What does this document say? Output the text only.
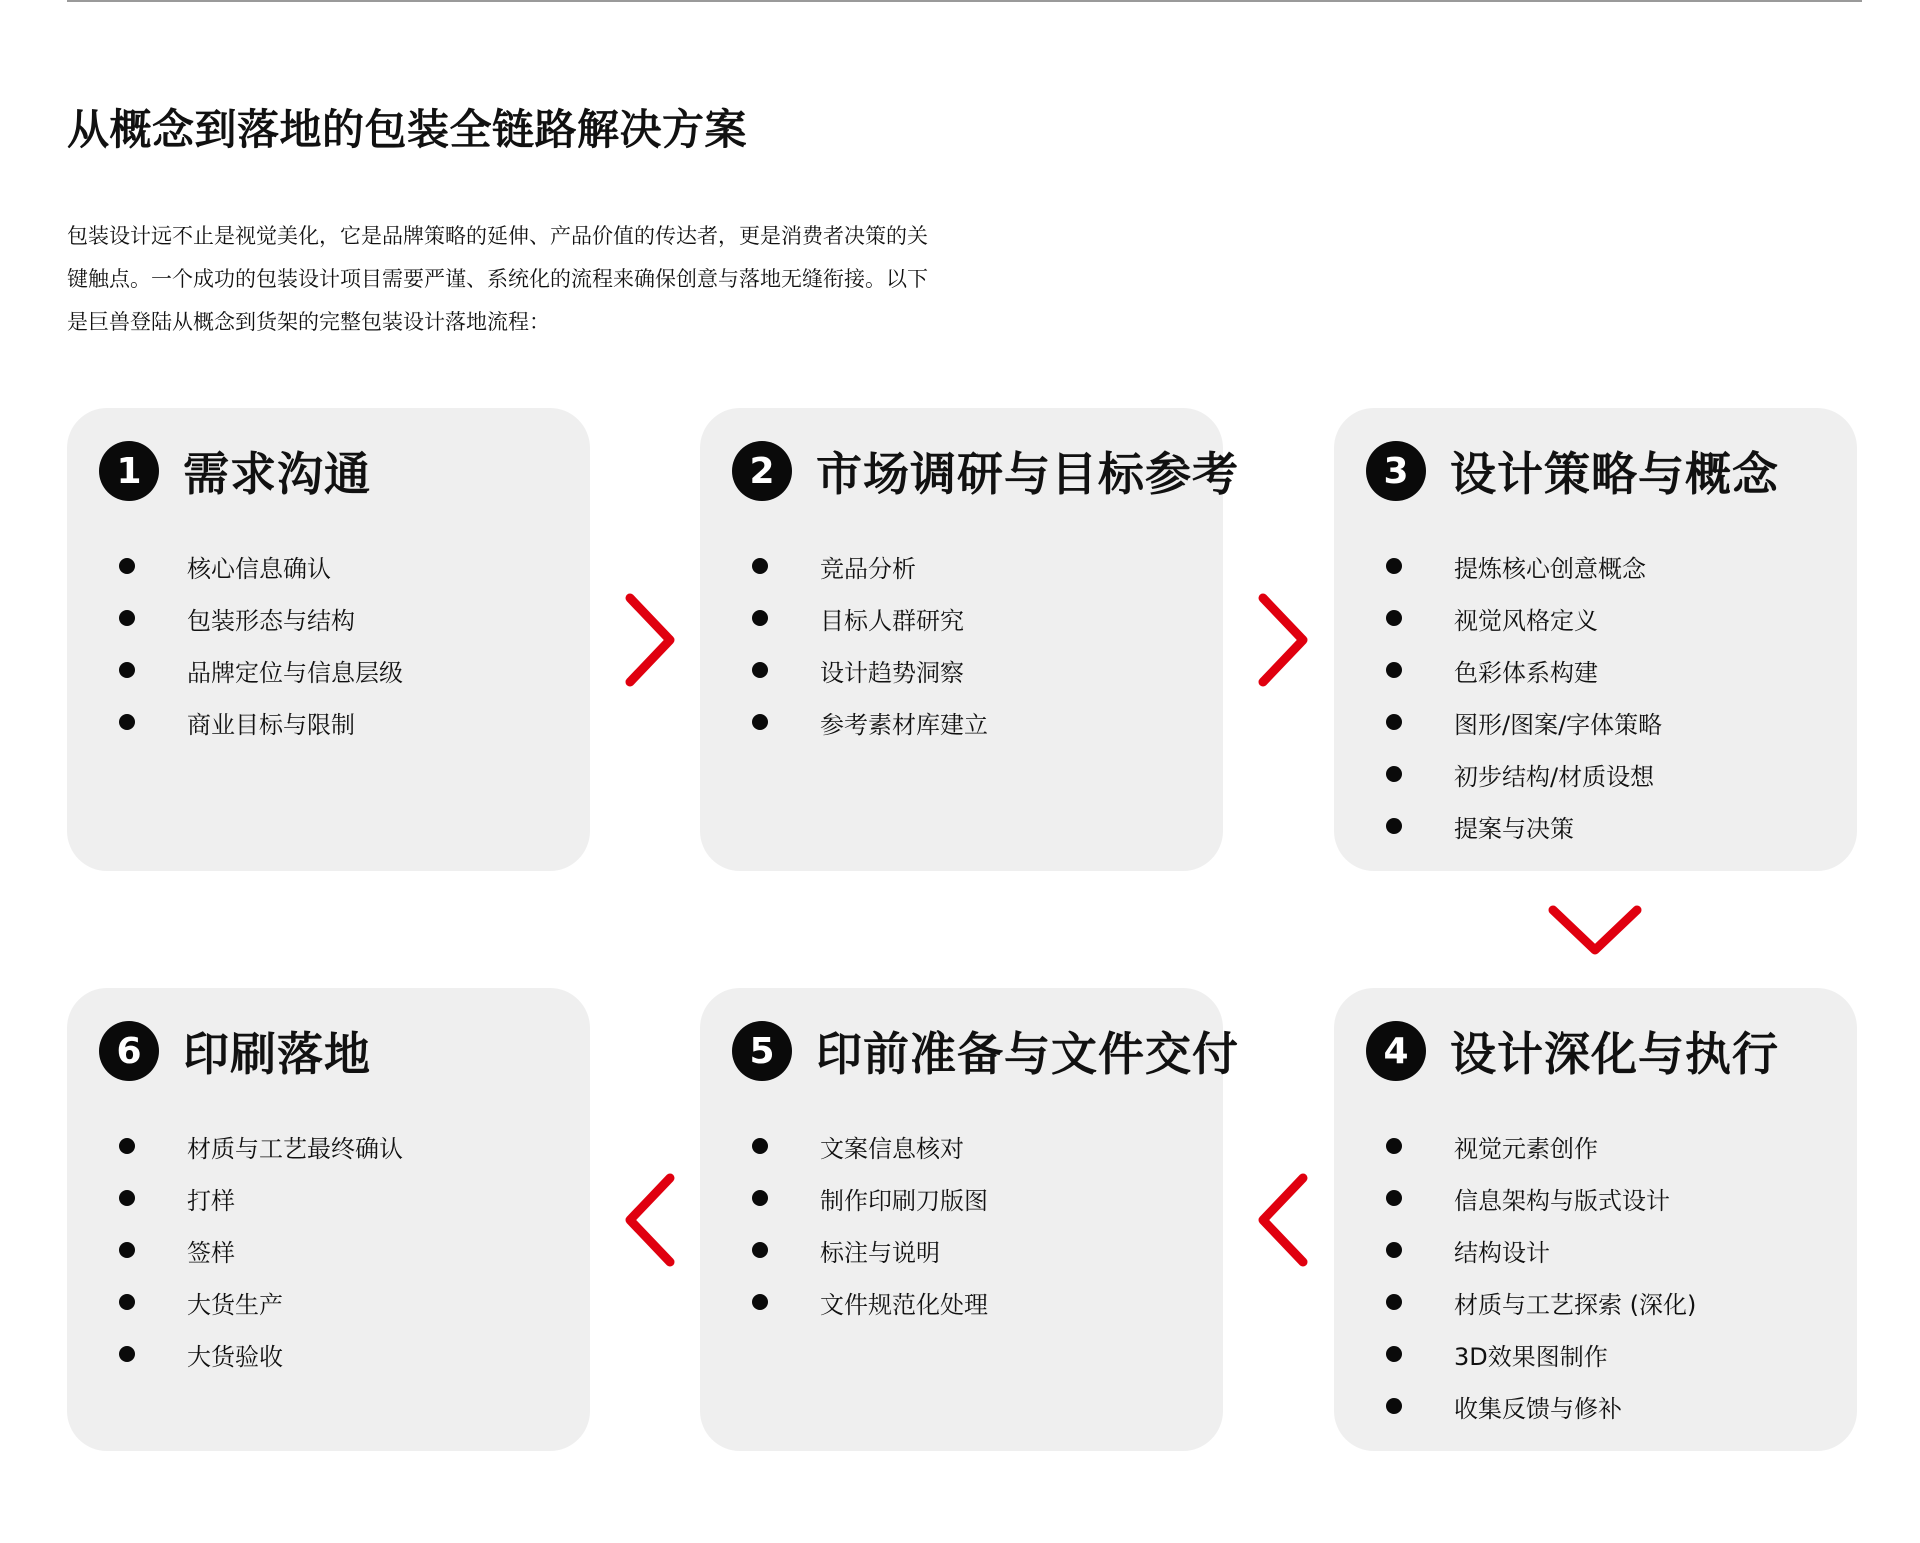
从概念到落地的包装全链路解决方案

包装设计远不止是视觉美化，它是品牌策略的延伸、产品价值的传达者，更是消费者决策的关

键触点。一个成功的包装设计项目需要严谨、系统化的流程来确保创意与落地无缝衔接。以下

是巨兽登陆从概念到货架的完整包装设计落地流程：

1 需求沟通
核心信息确认
包装形态与结构
品牌定位与信息层级
商业目标与限制
2 市场调研与目标参考
竞品分析
目标人群研究
设计趋势洞察
参考素材库建立
3 设计策略与概念
提炼核心创意概念
视觉风格定义
色彩体系构建
图形/图案/字体策略
初步结构/材质设想
提案与决策
6 印刷落地
材质与工艺最终确认
打样
签样
大货生产
大货验收
5 印前准备与文件交付
文案信息核对
制作印刷刀版图
标注与说明
文件规范化处理
4 设计深化与执行
视觉元素创作
信息架构与版式设计
结构设计
材质与工艺探索 (深化)
3D效果图制作
收集反馈与修补
